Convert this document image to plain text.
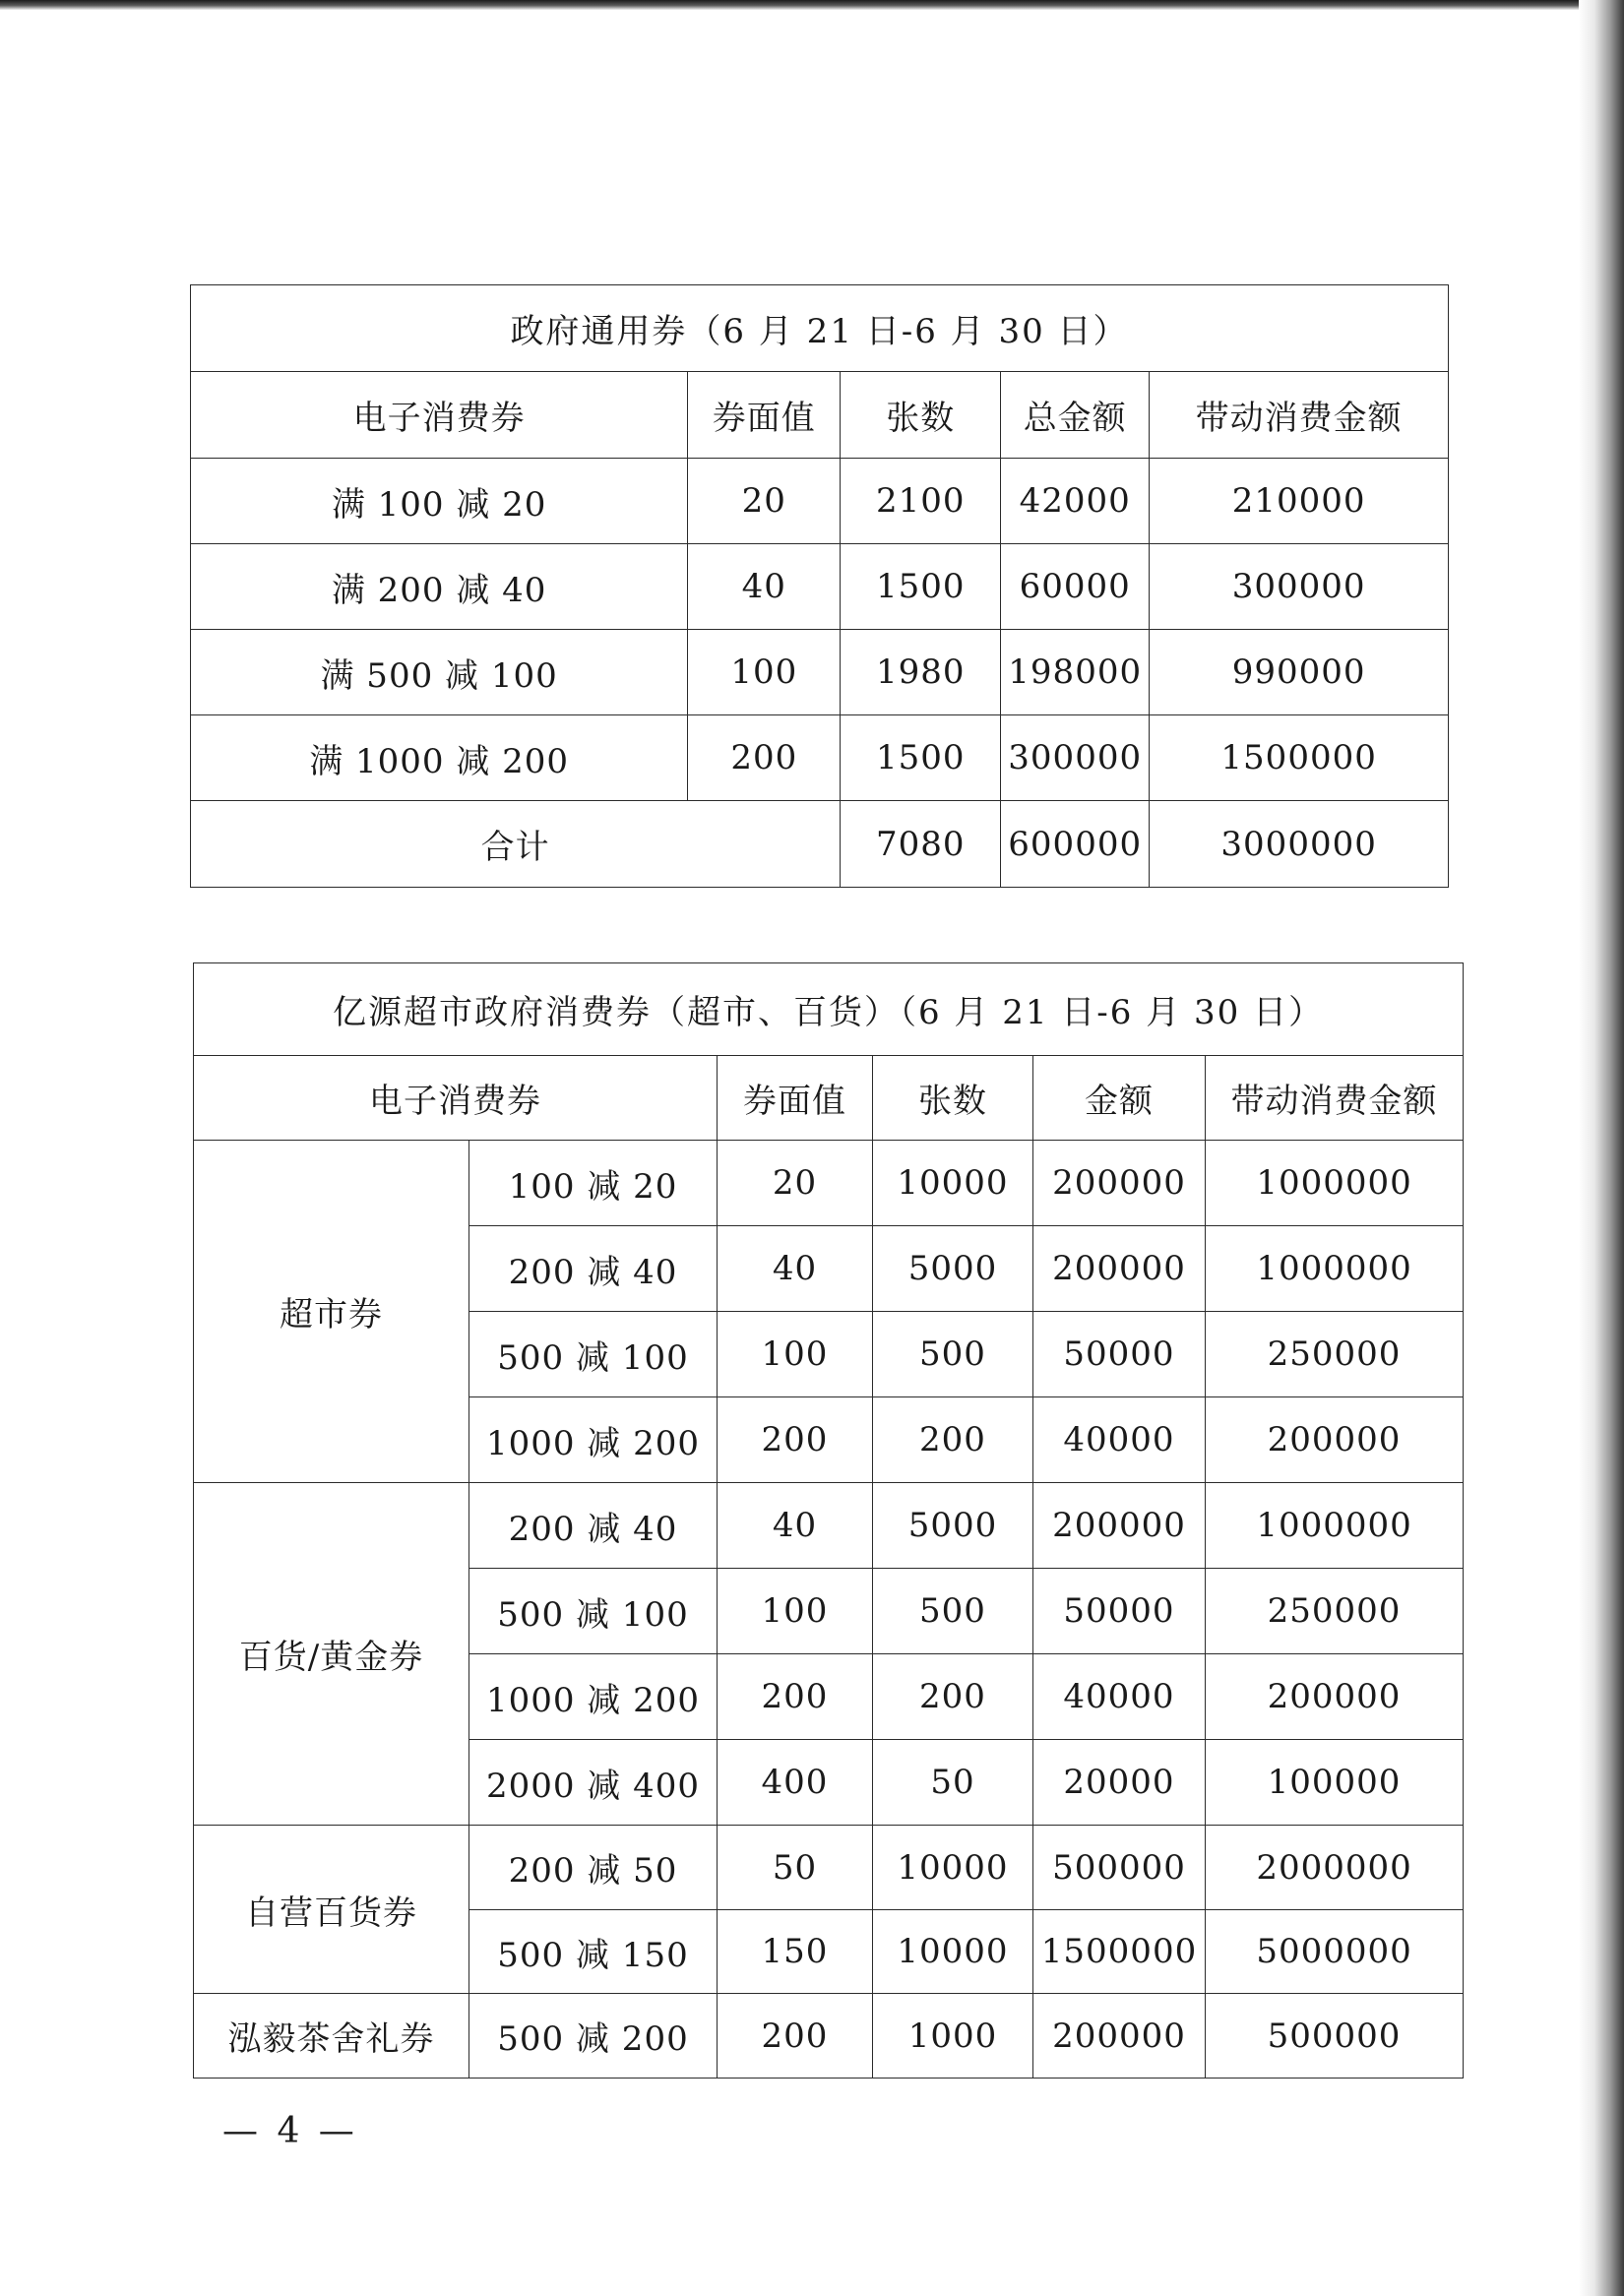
政府通用券（6 月 21 日-6 月 30 日）				
电子消费券	券面值	张数	总金额	带动消费金额
满 100 减 20	20	2100	42000	210000
满 200 减 40	40	1500	60000	300000
满 500 减 100	100	1980	198000	990000
满 1000 减 200	200	1500	300000	1500000
合计		7080	600000	3000000
亿源超市政府消费券（超市、百货）（6 月 21 日-6 月 30 日）					
电子消费券		券面值	张数	金额	带动消费金额
超市券	100 减 20	20	10000	200000	1000000
	200 减 40	40	5000	200000	1000000
	500 减 100	100	500	50000	250000
	1000 减 200	200	200	40000	200000
百货/黄金券	200 减 40	40	5000	200000	1000000
	500 减 100	100	500	50000	250000
	1000 减 200	200	200	40000	200000
	2000 减 400	400	50	20000	100000
自营百货券	200 减 50	50	10000	500000	2000000
	500 减 150	150	10000	1500000	5000000
泓毅茶舍礼券	500 减 200	200	1000	200000	500000
— 4 —
